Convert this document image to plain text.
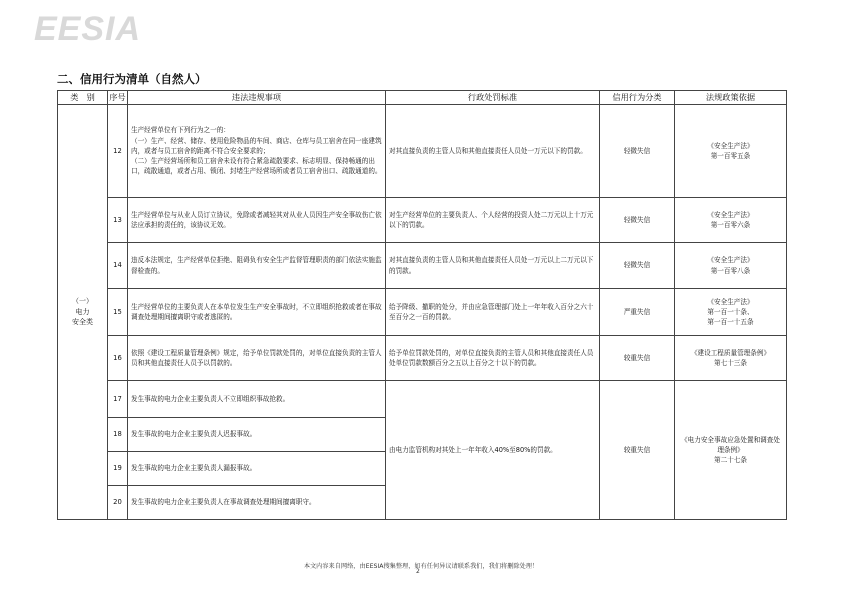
EESIA
二、信用行为清单（自然人）
类　别	序号	违法违规事项	行政处罚标准	信用行为分类	法规政策依据
（一）
电力
安全类	12	生产经营单位有下列行为之一的：
（一）生产、经营、储存、使用危险物品的车间、商店、仓库与员工宿舍在同一座建筑内，或者与员工宿舍的距离不符合安全要求的；
（二）生产经营场所和员工宿舍未设有符合紧急疏散要求、标志明显、保持畅通的出口，疏散通道，或者占用、锁闭、封堵生产经营场所或者员工宿舍出口、疏散通道的。	对其直接负责的主管人员和其他直接责任人员处一万元以下的罚款。	轻微失信	《安全生产法》
第一百零五条
	13	生产经营单位与从业人员订立协议，免除或者减轻其对从业人员因生产安全事故伤亡依法应承担的责任的，该协议无效。	对生产经营单位的主要负责人、个人经营的投资人处二万元以上十万元以下的罚款。	轻微失信	《安全生产法》
第一百零六条
	14	违反本法规定，生产经营单位拒绝、阻碍负有安全生产监督管理职责的部门依法实施监督检查的。	对其直接负责的主管人员和其他直接责任人员处一万元以上二万元以下的罚款。	轻微失信	《安全生产法》
第一百零八条
	15	生产经营单位的主要负责人在本单位发生生产安全事故时，不立即组织抢救或者在事故调查处理期间擅离职守或者逃匿的。	给予降级、撤职的处分，并由应急管理部门处上一年年收入百分之六十至百分之一百的罚款。	严重失信	《安全生产法》
第一百一十条、
第一百一十五条
	16	依照《建设工程质量管理条例》规定，给予单位罚款处罚的，对单位直接负责的主管人员和其他直接责任人员予以罚款的。	给予单位罚款处罚的，对单位直接负责的主管人员和其他直接责任人员处单位罚款数额百分之五以上百分之十以下的罚款。	较重失信	《建设工程质量管理条例》
第七十三条
	17	发生事故的电力企业主要负责人不立即组织事故抢救。	由电力监管机构对其处上一年年收入40%至80%的罚款。	较重失信	《电力安全事故应急处置和调查处理条例》
第二十七条
	18	发生事故的电力企业主要负责人迟报事故。			
	19	发生事故的电力企业主要负责人漏报事故。			
	20	发生事故的电力企业主要负责人在事故调查处理期间擅离职守。			
本文内容来自网络，由EESIA搜集整理，如有任何异议请联系我们，我们将删除处理！
2
